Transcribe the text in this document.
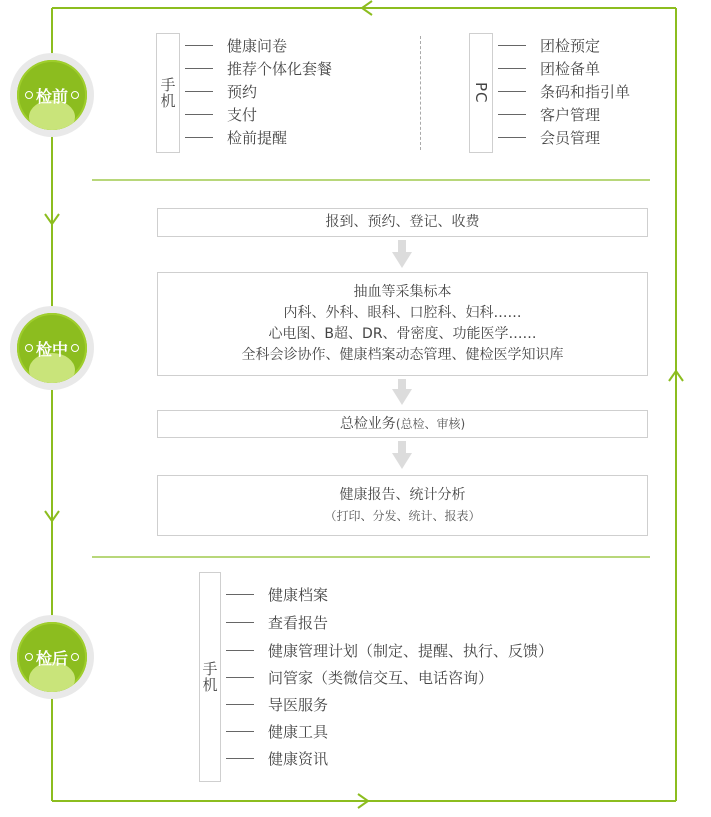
检前
检中
检后
手机
健康问卷
推荐个体化套餐
预约
支付
检前提醒
PC
团检预定
团检备单
条码和指引单
客户管理
会员管理
报到、预约、登记、收费
抽血等采集标本
内科、外科、眼科、口腔科、妇科……
心电图、B超、DR、骨密度、功能医学……
全科会诊协作、健康档案动态管理、健检医学知识库
总检业务(总检、审核)
健康报告、统计分析
（打印、分发、统计、报表）
手机
健康档案
查看报告
健康管理计划（制定、提醒、执行、反馈）
问管家（类微信交互、电话咨询）
导医服务
健康工具
健康资讯
